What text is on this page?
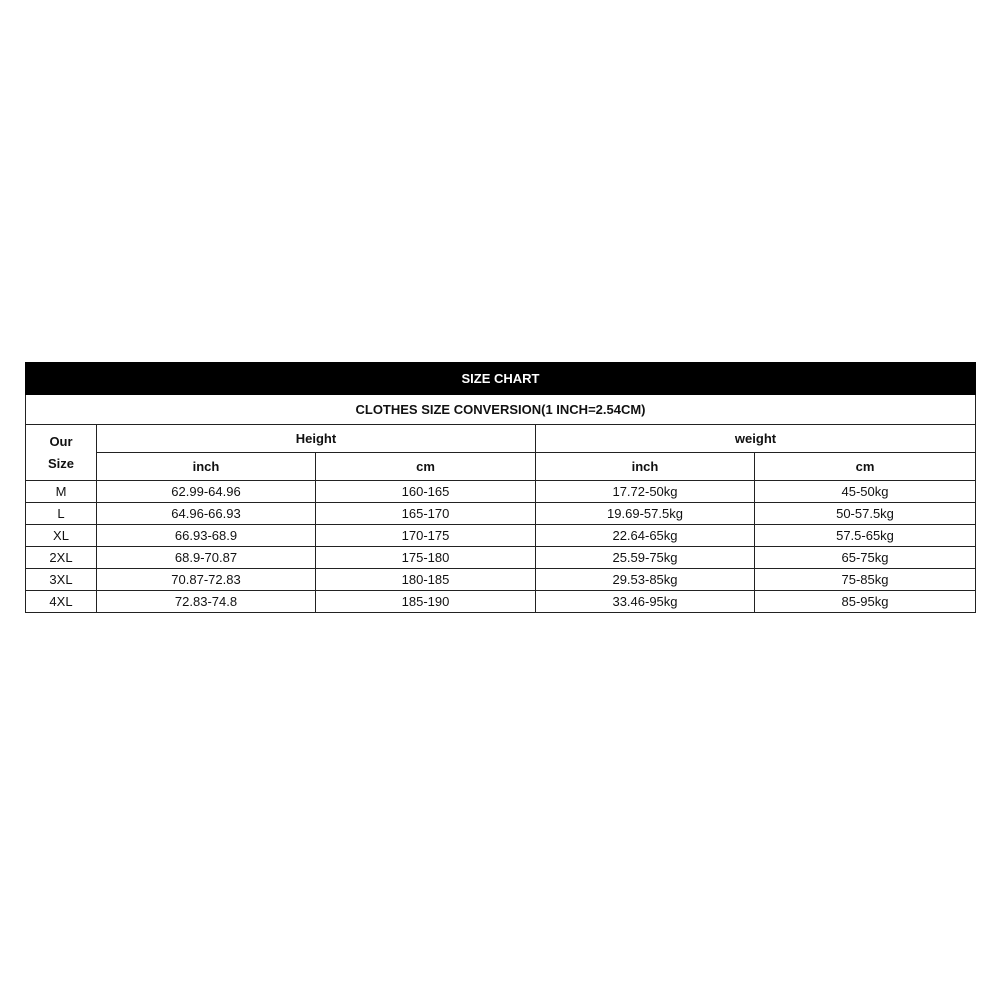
SIZE CHART				
CLOTHES SIZE CONVERSION(1 INCH=2.54CM)				
Our
Size	Height		weight	
	inch	cm	inch	cm
M	62.99-64.96	160-165	17.72-50kg	45-50kg
L	64.96-66.93	165-170	19.69-57.5kg	50-57.5kg
XL	66.93-68.9	170-175	22.64-65kg	57.5-65kg
2XL	68.9-70.87	175-180	25.59-75kg	65-75kg
3XL	70.87-72.83	180-185	29.53-85kg	75-85kg
4XL	72.83-74.8	185-190	33.46-95kg	85-95kg
